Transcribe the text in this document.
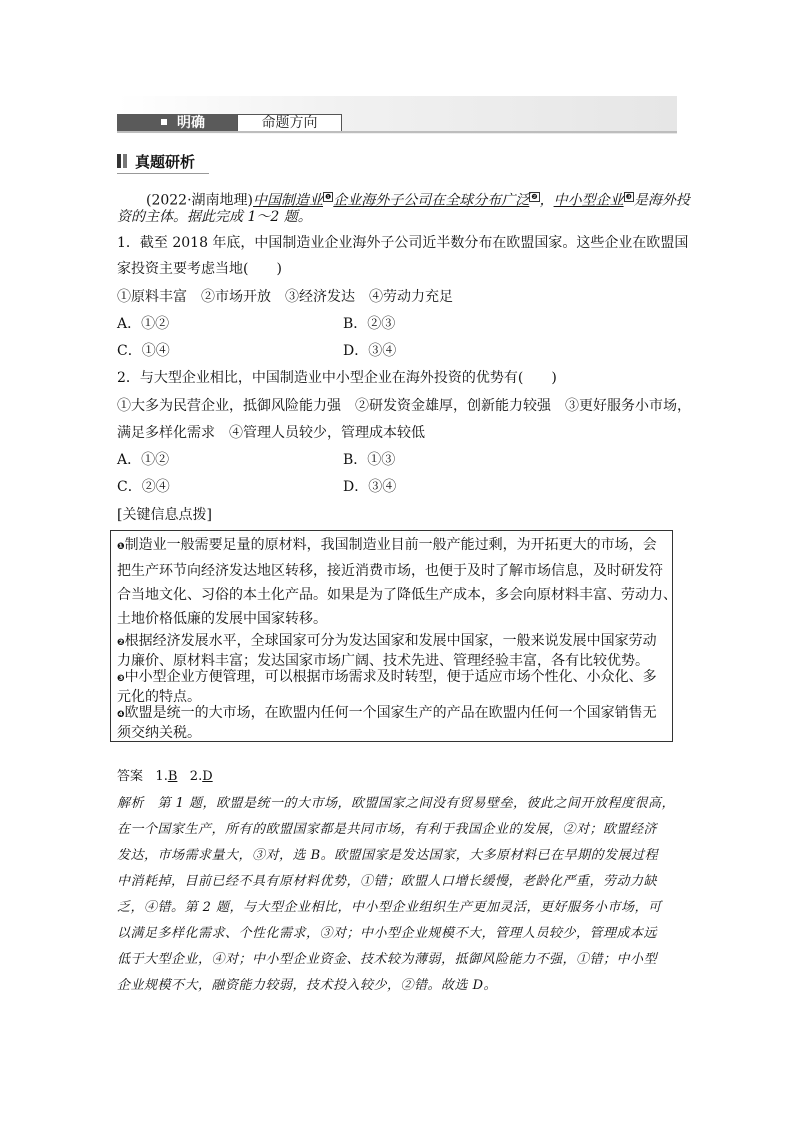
明确	命题方向
真题研析
(2022·湖南地理)中国制造业 $^❶$ 企业海外子公司在全球分布广泛 $^❷$ ，中小型企业 $^❸$ 是海外投
资的主体。据此完成 1～2 题。
1．截至 2018 年底，中国制造业企业海外子公司近半数分布在欧盟国家。这些企业在欧盟国
家投资主要考虑当地(　　)
①原料丰富　②市场开放　③经济发达　④劳动力充足
A．①②	B．②③
C．①④	D．③④
2．与大型企业相比，中国制造业中小型企业在海外投资的优势有(　　)
①大多为民营企业，抵御风险能力强　②研发资金雄厚，创新能力较强　③更好服务小市场，
满足多样化需求　④管理人员较少，管理成本较低
A．①②	B．①③
C．②④	D．③④
[关键信息点拨]
❶制造业一般需要足量的原材料，我国制造业目前一般产能过剩，为开拓更大的市场，会
把生产环节向经济发达地区转移，接近消费市场，也便于及时了解市场信息，及时研发符
合当地文化、习俗的本土化产品。如果是为了降低生产成本，多会向原材料丰富、劳动力、
土地价格低廉的发展中国家转移。
❷根据经济发展水平，全球国家可分为发达国家和发展中国家，一般来说发展中国家劳动
力廉价、原材料丰富；发达国家市场广阔、技术先进、管理经验丰富，各有比较优势。
❸中小型企业方便管理，可以根据市场需求及时转型，便于适应市场个性化、小众化、多
元化的特点。
❹欧盟是统一的大市场，在欧盟内任何一个国家生产的产品在欧盟内任何一个国家销售无
须交纳关税。
答案 1.B 2.D
解析　第 1 题，欧盟是统一的大市场，欧盟国家之间没有贸易壁垒，彼此之间开放程度很高，
在一个国家生产，所有的欧盟国家都是共同市场，有利于我国企业的发展，②对；欧盟经济
发达，市场需求量大，③对，选 B。欧盟国家是发达国家，大多原材料已在早期的发展过程
中消耗掉，目前已经不具有原材料优势，①错；欧盟人口增长缓慢，老龄化严重，劳动力缺
乏，④错。第 2 题，与大型企业相比，中小型企业组织生产更加灵活，更好服务小市场，可
以满足多样化需求、个性化需求，③对；中小型企业规模不大，管理人员较少，管理成本远
低于大型企业，④对；中小型企业资金、技术较为薄弱，抵御风险能力不强，①错；中小型
企业规模不大，融资能力较弱，技术投入较少，②错。故选 D。
